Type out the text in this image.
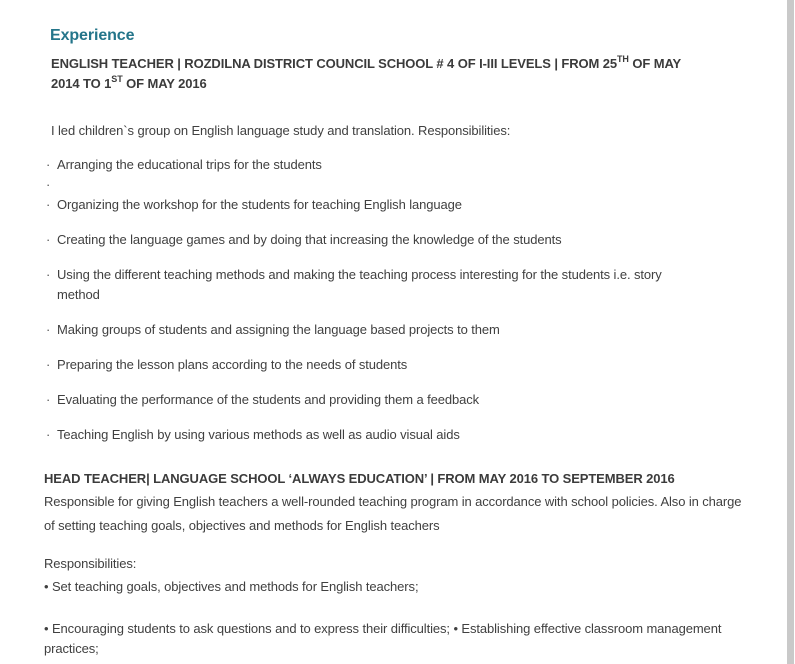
Experience

ENGLISH TEACHER | ROZDILNA DISTRICT COUNCIL SCHOOL # 4 OF I-III LEVELS | FROM 25TH OF MAY 2014 TO 1ST OF MAY 2016

I led children`s group on English language study and translation. Responsibilities:

· Arranging the educational trips for the students
·
· Organizing the workshop for the students for teaching English language
· Creating the language games and by doing that increasing the knowledge of the students
· Using the different teaching methods and making the teaching process interesting for the students i.e. story method
· Making groups of students and assigning the language based projects to them
· Preparing the lesson plans according to the needs of students
· Evaluating the performance of the students and providing them a feedback
· Teaching English by using various methods as well as audio visual aids

HEAD TEACHER| LANGUAGE SCHOOL ‘ALWAYS EDUCATION’ | FROM MAY 2016 TO SEPTEMBER 2016

Responsible for giving English teachers a well-rounded teaching program in accordance with school policies. Also in charge of setting teaching goals, objectives and methods for English teachers

Responsibilities:

• Set teaching goals, objectives and methods for English teachers;

• Encouraging students to ask questions and to express their difficulties; • Establishing effective classroom management practices;
